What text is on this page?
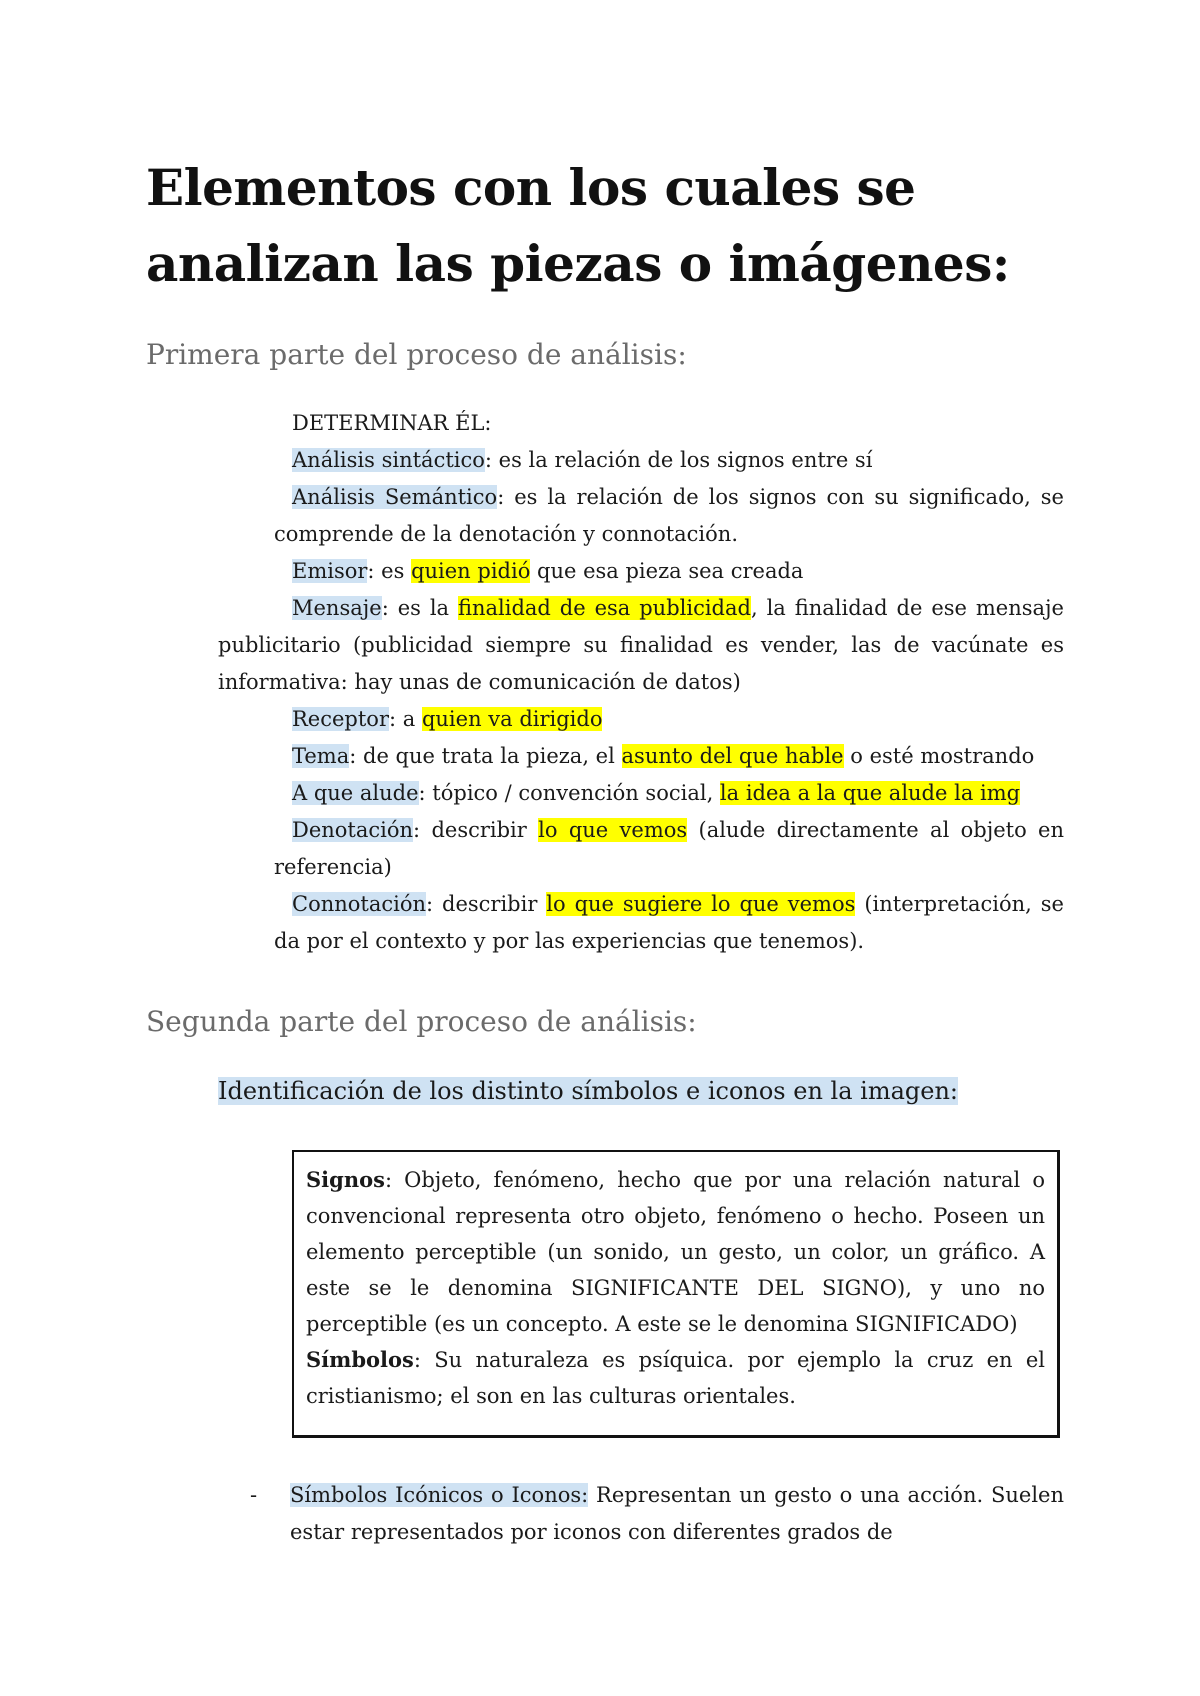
Elementos con los cuales se analizan las piezas o imágenes:
Primera parte del proceso de análisis:

DETERMINAR ÉL:

Análisis sintáctico: es la relación de los signos entre sí

Análisis Semántico: es la relación de los signos con su significado, se comprende de la denotación y connotación.

Emisor: es quien pidió que esa pieza sea creada

Mensaje: es la finalidad de esa publicidad, la finalidad de ese mensaje publicitario (publicidad siempre su finalidad es vender, las de vacúnate es informativa: hay unas de comunicación de datos)

Receptor: a quien va dirigido

Tema: de que trata la pieza, el asunto del que hable o esté mostrando

A que alude: tópico / convención social, la idea a la que alude la img

Denotación: describir lo que vemos (alude directamente al objeto en referencia)

Connotación: describir lo que sugiere lo que vemos (interpretación, se da por el contexto y por las experiencias que tenemos).

Segunda parte del proceso de análisis:

Identificación de los distinto símbolos e iconos en la imagen:

Signos: Objeto, fenómeno, hecho que por una relación natural o convencional representa otro objeto, fenómeno o hecho. Poseen un elemento perceptible (un sonido, un gesto, un color, un gráfico. A este se le denomina SIGNIFICANTE DEL SIGNO), y uno no perceptible (es un concepto. A este se le denomina SIGNIFICADO)

Símbolos: Su naturaleza es psíquica. por ejemplo la cruz en el cristianismo; el son en las culturas orientales.

- Símbolos Icónicos o Iconos: Representan un gesto o una acción. Suelen estar representados por iconos con diferentes grados de
